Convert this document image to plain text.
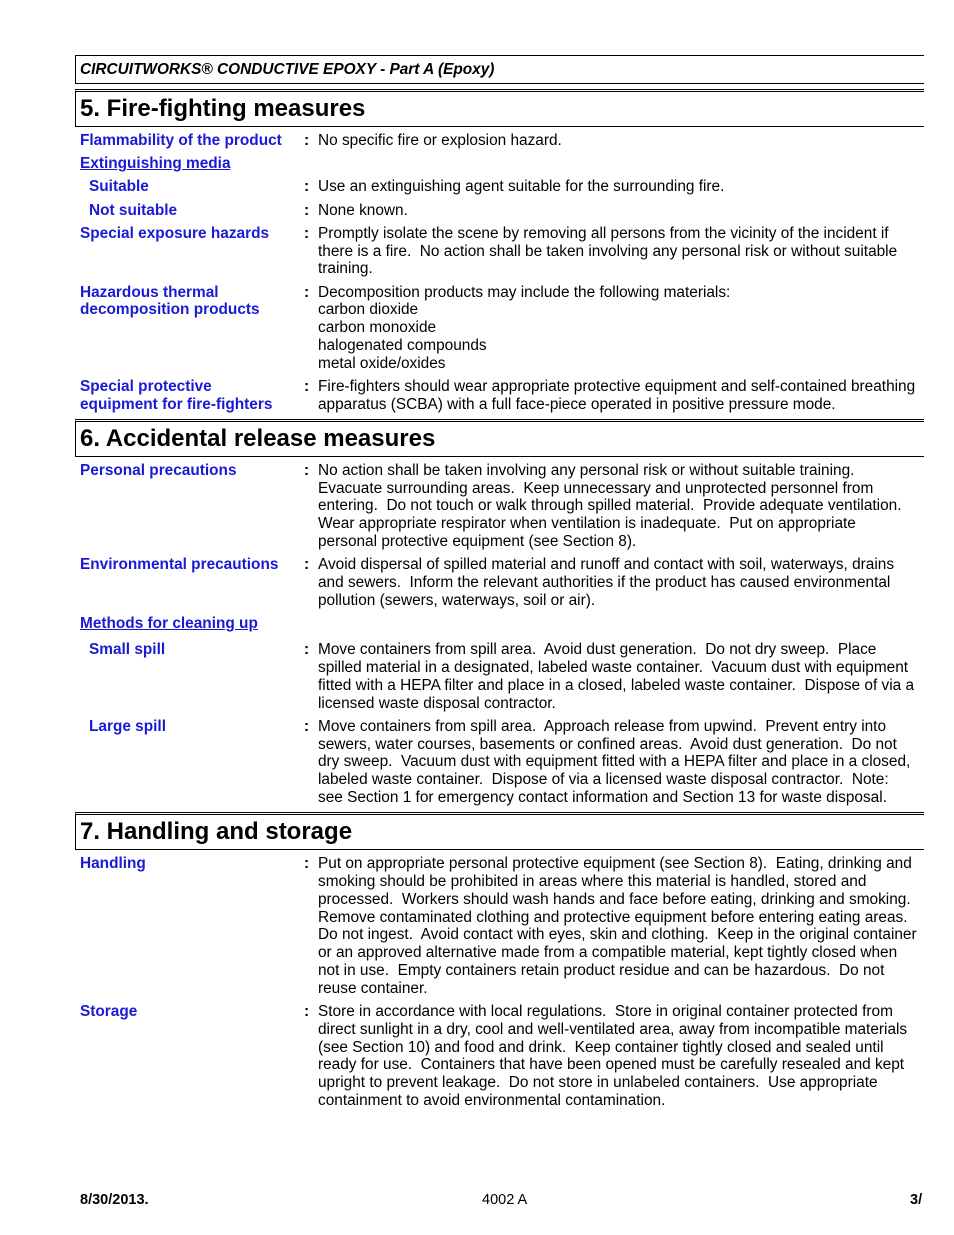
CIRCUITWORKS® CONDUCTIVE EPOXY - Part A (Epoxy)
5. Fire-fighting measures
Flammability of the product	: No specific fire or explosion hazard.
Extinguishing media
Suitable	: Use an extinguishing agent suitable for the surrounding fire.
Not suitable	: None known.
Special exposure hazards	: Promptly isolate the scene by removing all persons from the vicinity of the incident if
there is a fire.  No action shall be taken involving any personal risk or without suitable
training.
Hazardous thermal decomposition products
: Decomposition products may include the following materials:
carbon dioxide
carbon monoxide
halogenated compounds
metal oxide/oxides
Special protective equipment for fire-fighters
: Fire-fighters should wear appropriate protective equipment and self-contained breathing
apparatus (SCBA) with a full face-piece operated in positive pressure mode.
6. Accidental release measures
Personal precautions	: No action shall be taken involving any personal risk or without suitable training.
Evacuate surrounding areas.  Keep unnecessary and unprotected personnel from
entering.  Do not touch or walk through spilled material.  Provide adequate ventilation.
Wear appropriate respirator when ventilation is inadequate.  Put on appropriate
personal protective equipment (see Section 8).
Environmental precautions	: Avoid dispersal of spilled material and runoff and contact with soil, waterways, drains
and sewers.  Inform the relevant authorities if the product has caused environmental
pollution (sewers, waterways, soil or air).
Methods for cleaning up
Small spill	: Move containers from spill area.  Avoid dust generation.  Do not dry sweep.  Place
spilled material in a designated, labeled waste container.  Vacuum dust with equipment
fitted with a HEPA filter and place in a closed, labeled waste container.  Dispose of via a
licensed waste disposal contractor.
Large spill	: Move containers from spill area.  Approach release from upwind.  Prevent entry into
sewers, water courses, basements or confined areas.  Avoid dust generation.  Do not
dry sweep.  Vacuum dust with equipment fitted with a HEPA filter and place in a closed,
labeled waste container.  Dispose of via a licensed waste disposal contractor.  Note:
see Section 1 for emergency contact information and Section 13 for waste disposal.
7. Handling and storage
Handling	: Put on appropriate personal protective equipment (see Section 8).  Eating, drinking and
smoking should be prohibited in areas where this material is handled, stored and
processed.  Workers should wash hands and face before eating, drinking and smoking.
Remove contaminated clothing and protective equipment before entering eating areas.
Do not ingest.  Avoid contact with eyes, skin and clothing.  Keep in the original container
or an approved alternative made from a compatible material, kept tightly closed when
not in use.  Empty containers retain product residue and can be hazardous.  Do not
reuse container.
Storage	: Store in accordance with local regulations.  Store in original container protected from
direct sunlight in a dry, cool and well-ventilated area, away from incompatible materials
(see Section 10) and food and drink.  Keep container tightly closed and sealed until
ready for use.  Containers that have been opened must be carefully resealed and kept
upright to prevent leakage.  Do not store in unlabeled containers.  Use appropriate
containment to avoid environmental contamination.
8/30/2013.	4002 A	3/
